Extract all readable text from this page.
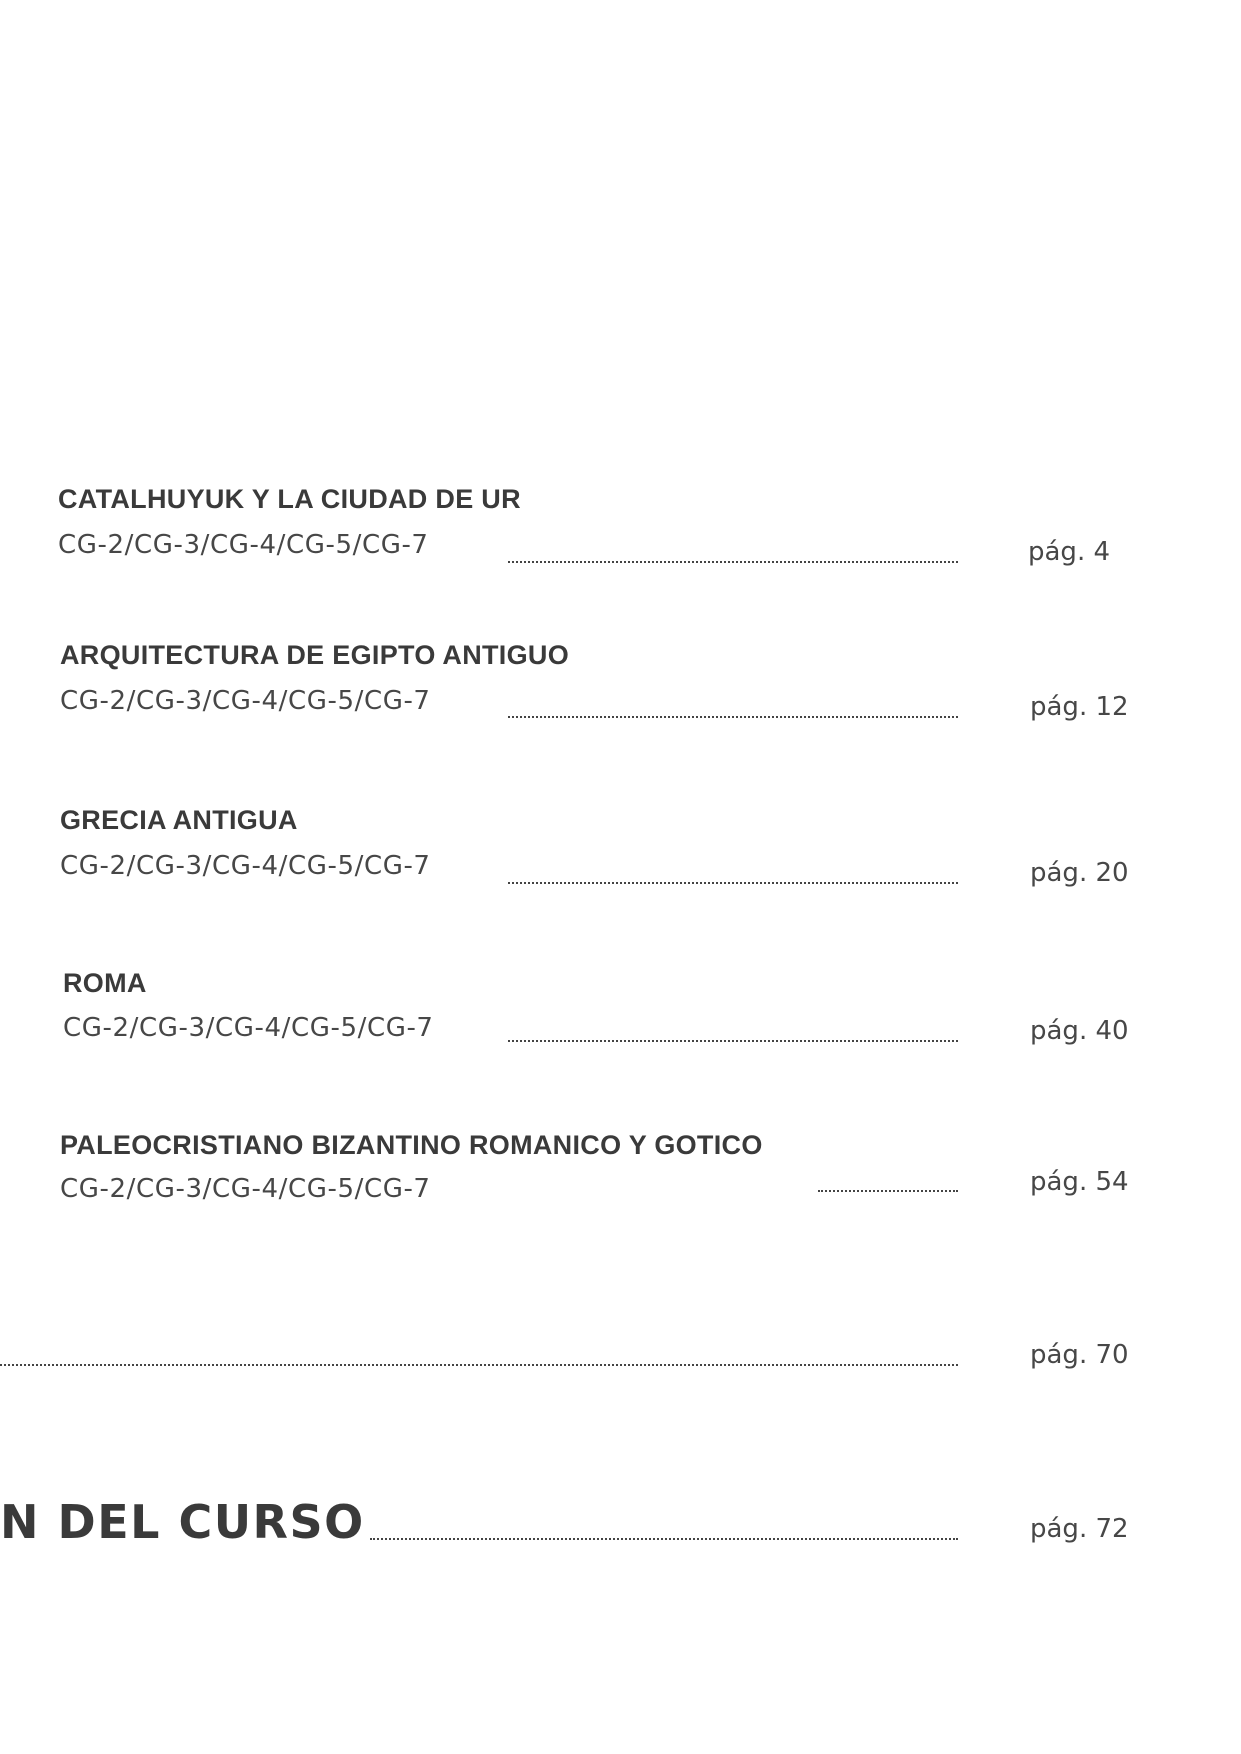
CATALHUYUK Y LA CIUDAD DE UR
CG-2/CG-3/CG-4/CG-5/CG-7	pág. 4
ARQUITECTURA DE EGIPTO ANTIGUO
CG-2/CG-3/CG-4/CG-5/CG-7	pág. 12
GRECIA ANTIGUA
CG-2/CG-3/CG-4/CG-5/CG-7	pág. 20
ROMA
CG-2/CG-3/CG-4/CG-5/CG-7	pág. 40
PALEOCRISTIANO BIZANTINO ROMANICO Y GOTICO
CG-2/CG-3/CG-4/CG-5/CG-7	pág. 54
pág. 70
N DEL CURSO	pág. 72
